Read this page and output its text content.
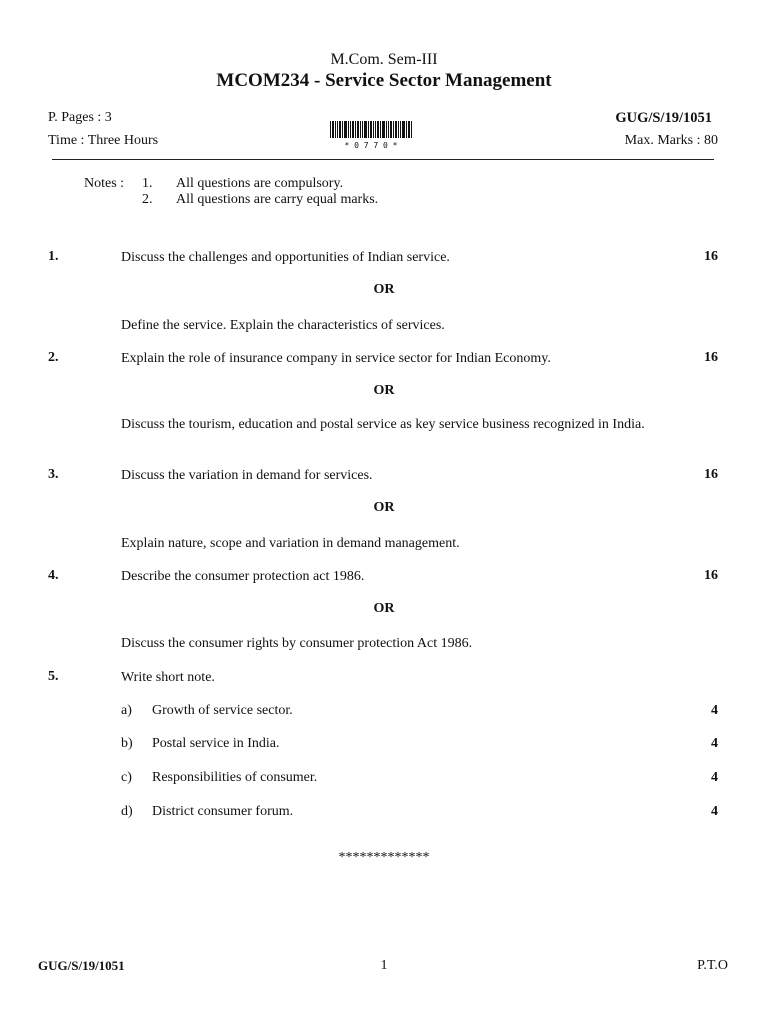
M.Com. Sem-III
MCOM234 - Service Sector Management
P. Pages : 3	GUG/S/19/1051
Time : Three Hours	Max. Marks : 80
* 0 7 7 0 *
Notes : 1. All questions are compulsory.
2. All questions are carry equal marks.
1.	Discuss the challenges and opportunities of Indian service.	16
OR
Define the service. Explain the characteristics of services.
2.	Explain the role of insurance company in service sector for Indian Economy.	16
OR
Discuss the tourism, education and postal service as key service business recognized in India.
3.	Discuss the variation in demand for services.	16
OR
Explain nature, scope and variation in demand management.
4.	Describe the consumer protection act 1986.	16
OR
Discuss the consumer rights by consumer protection Act 1986.
5.	Write short note.
a) Growth of service sector.	4
b) Postal service in India.	4
c) Responsibilities of consumer.	4
d) District consumer forum.	4
*************
GUG/S/19/1051	1	P.T.O
